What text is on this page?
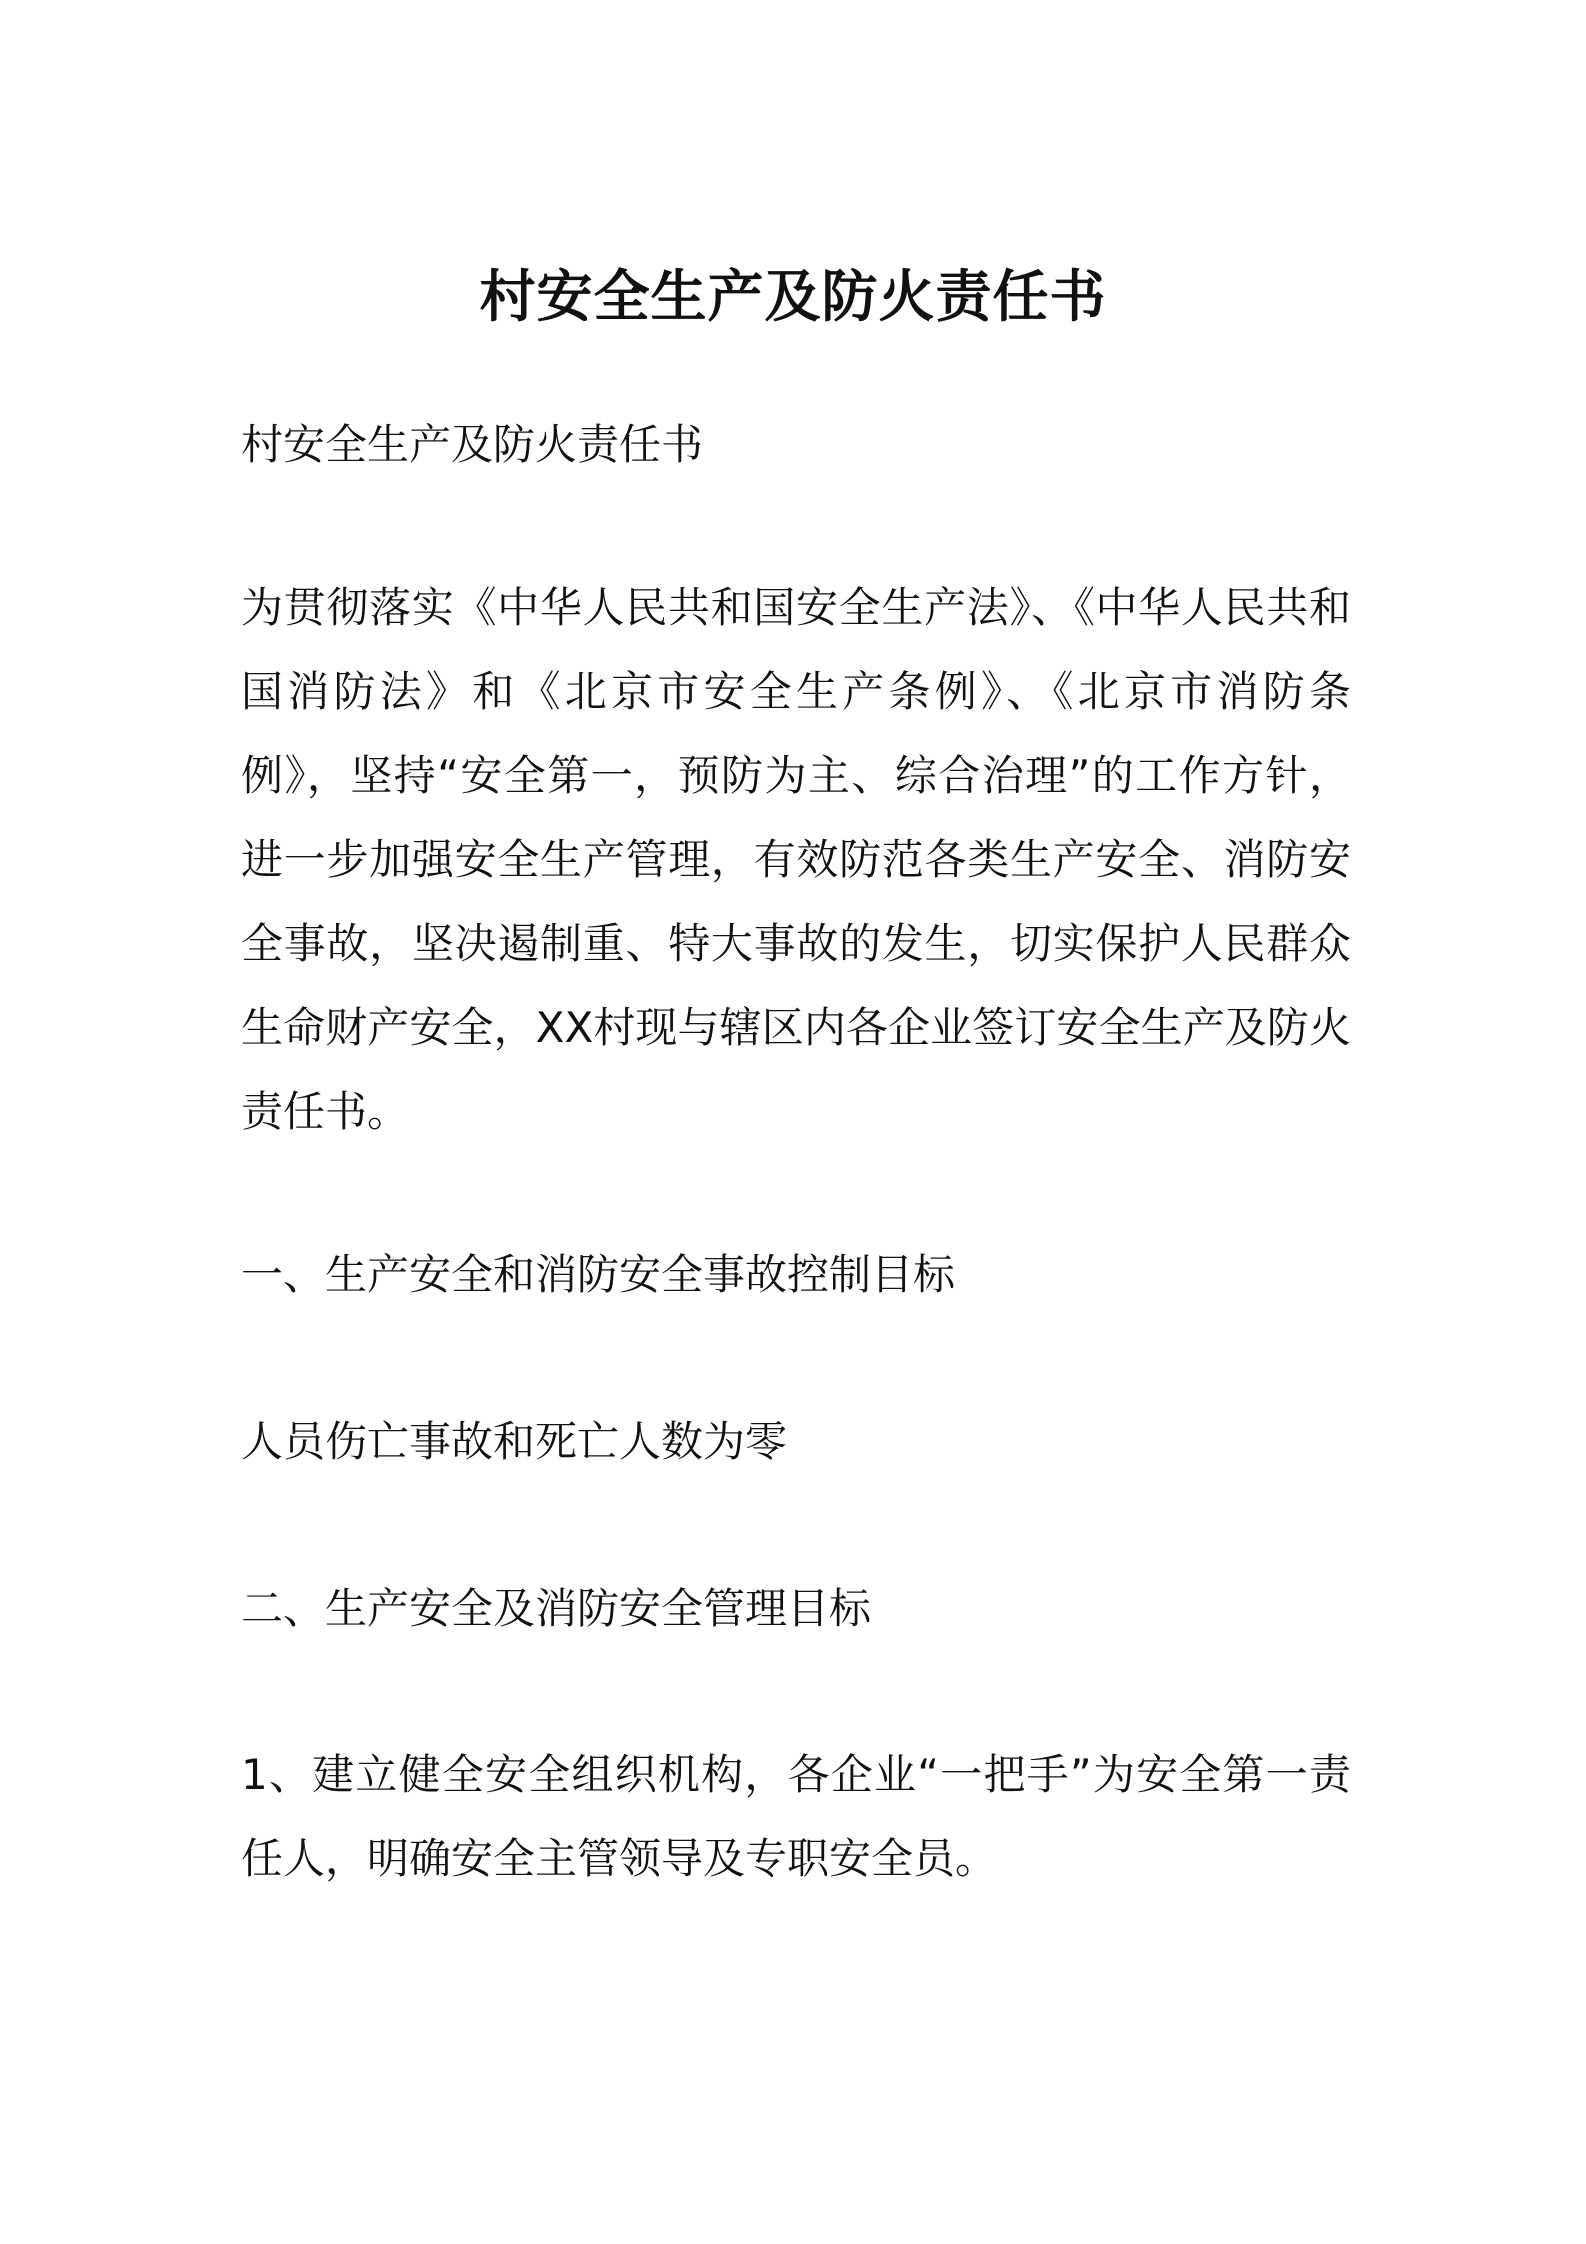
村安全生产及防火责任书

村安全生产及防火责任书

为贯彻落实《中华人民共和国安全生产法》、《中华人民共和国消防法》和《北京市安全生产条例》、《北京市消防条例》，坚持“安全第一，预防为主、综合治理”的工作方针，进一步加强安全生产管理，有效防范各类生产安全、消防安全事故，坚决遏制重、特大事故的发生，切实保护人民群众生命财产安全，XX村现与辖区内各企业签订安全生产及防火责任书。

一、生产安全和消防安全事故控制目标

人员伤亡事故和死亡人数为零

二、生产安全及消防安全管理目标

1、建立健全安全组织机构，各企业“一把手”为安全第一责任人，明确安全主管领导及专职安全员。
